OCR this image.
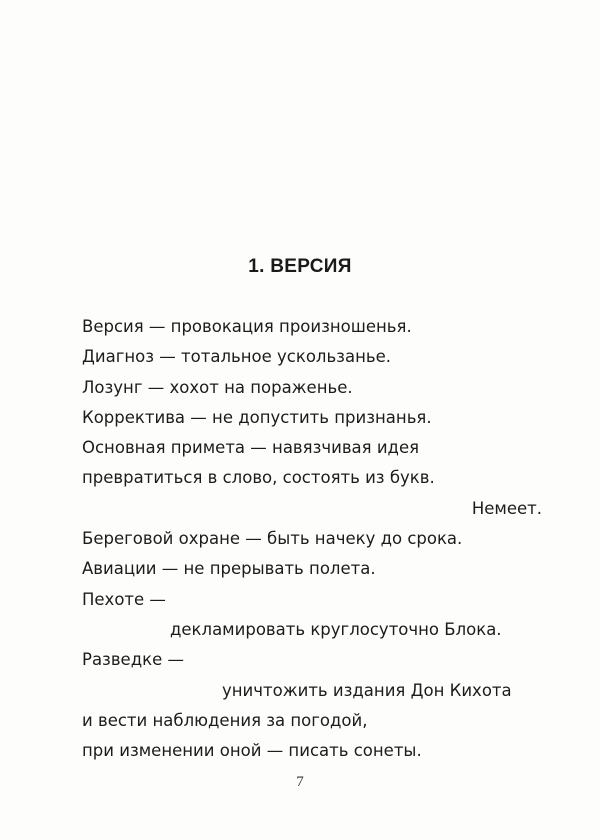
1. ВЕРСИЯ
Версия — провокация произношенья.
Диагноз — тотальное ускользанье.
Лозунг — хохот на пораженье.
Корректива — не допустить признанья.
Основная примета — навязчивая идея
превратиться в слово, состоять из букв.
Немеет.
Береговой охране — быть начеку до срока.
Авиации — не прерывать полета.
Пехоте —
декламировать круглосуточно Блока.
Разведке —
уничтожить издания Дон Кихота
и вести наблюдения за погодой,
при изменении оной — писать сонеты.
7
